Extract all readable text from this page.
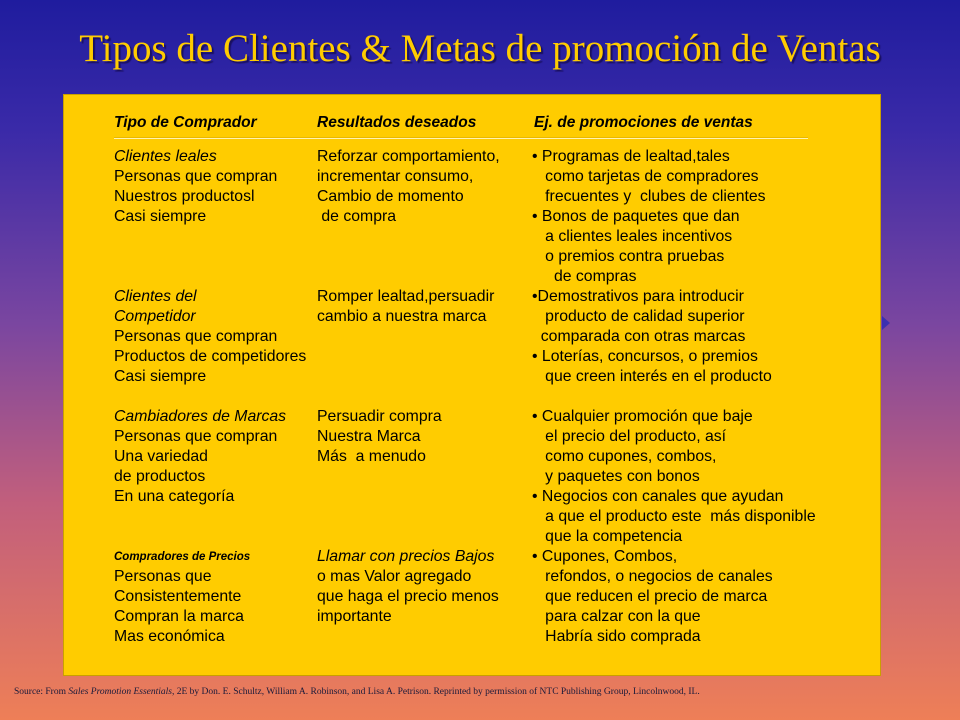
Tipos de Clientes & Metas de promoción de Ventas
Tipo de Comprador	Resultados deseados	Ej. de promociones de ventas
Clientes leales
Personas que compran
Nuestros productosl
Casi siempre
Clientes del
Competidor
Personas que compran
Productos de competidores
Casi siempre
Cambiadores de Marcas
Personas que compran
Una variedad
de productos
En una categoría
Compradores de Precios
Personas que
Consistentemente
Compran la marca
Mas económica
Reforzar comportamiento,
incrementar consumo,
Cambio de momento
de compra
Romper lealtad,persuadir
cambio a nuestra marca
Persuadir compra
Nuestra Marca
Más  a menudo
Llamar con precios Bajos
o mas Valor agregado
que haga el precio menos
importante
• Programas de lealtad,tales
como tarjetas de compradores
frecuentes y  clubes de clientes
• Bonos de paquetes que dan
a clientes leales incentivos
o premios contra pruebas
de compras
•Demostrativos para introducir
producto de calidad superior
comparada con otras marcas
• Loterías, concursos, o premios
que creen interés en el producto
• Cualquier promoción que baje
el precio del producto, así
como cupones, combos,
y paquetes con bonos
• Negocios con canales que ayudan
a que el producto este  más disponible
que la competencia
• Cupones, Combos,
refondos, o negocios de canales
que reducen el precio de marca
para calzar con la que
Habría sido comprada
Source: From Sales Promotion Essentials, 2E by Don. E. Schultz, William A. Robinson, and Lisa A. Petrison. Reprinted by permission of NTC Publishing Group, Lincolnwood, IL.
